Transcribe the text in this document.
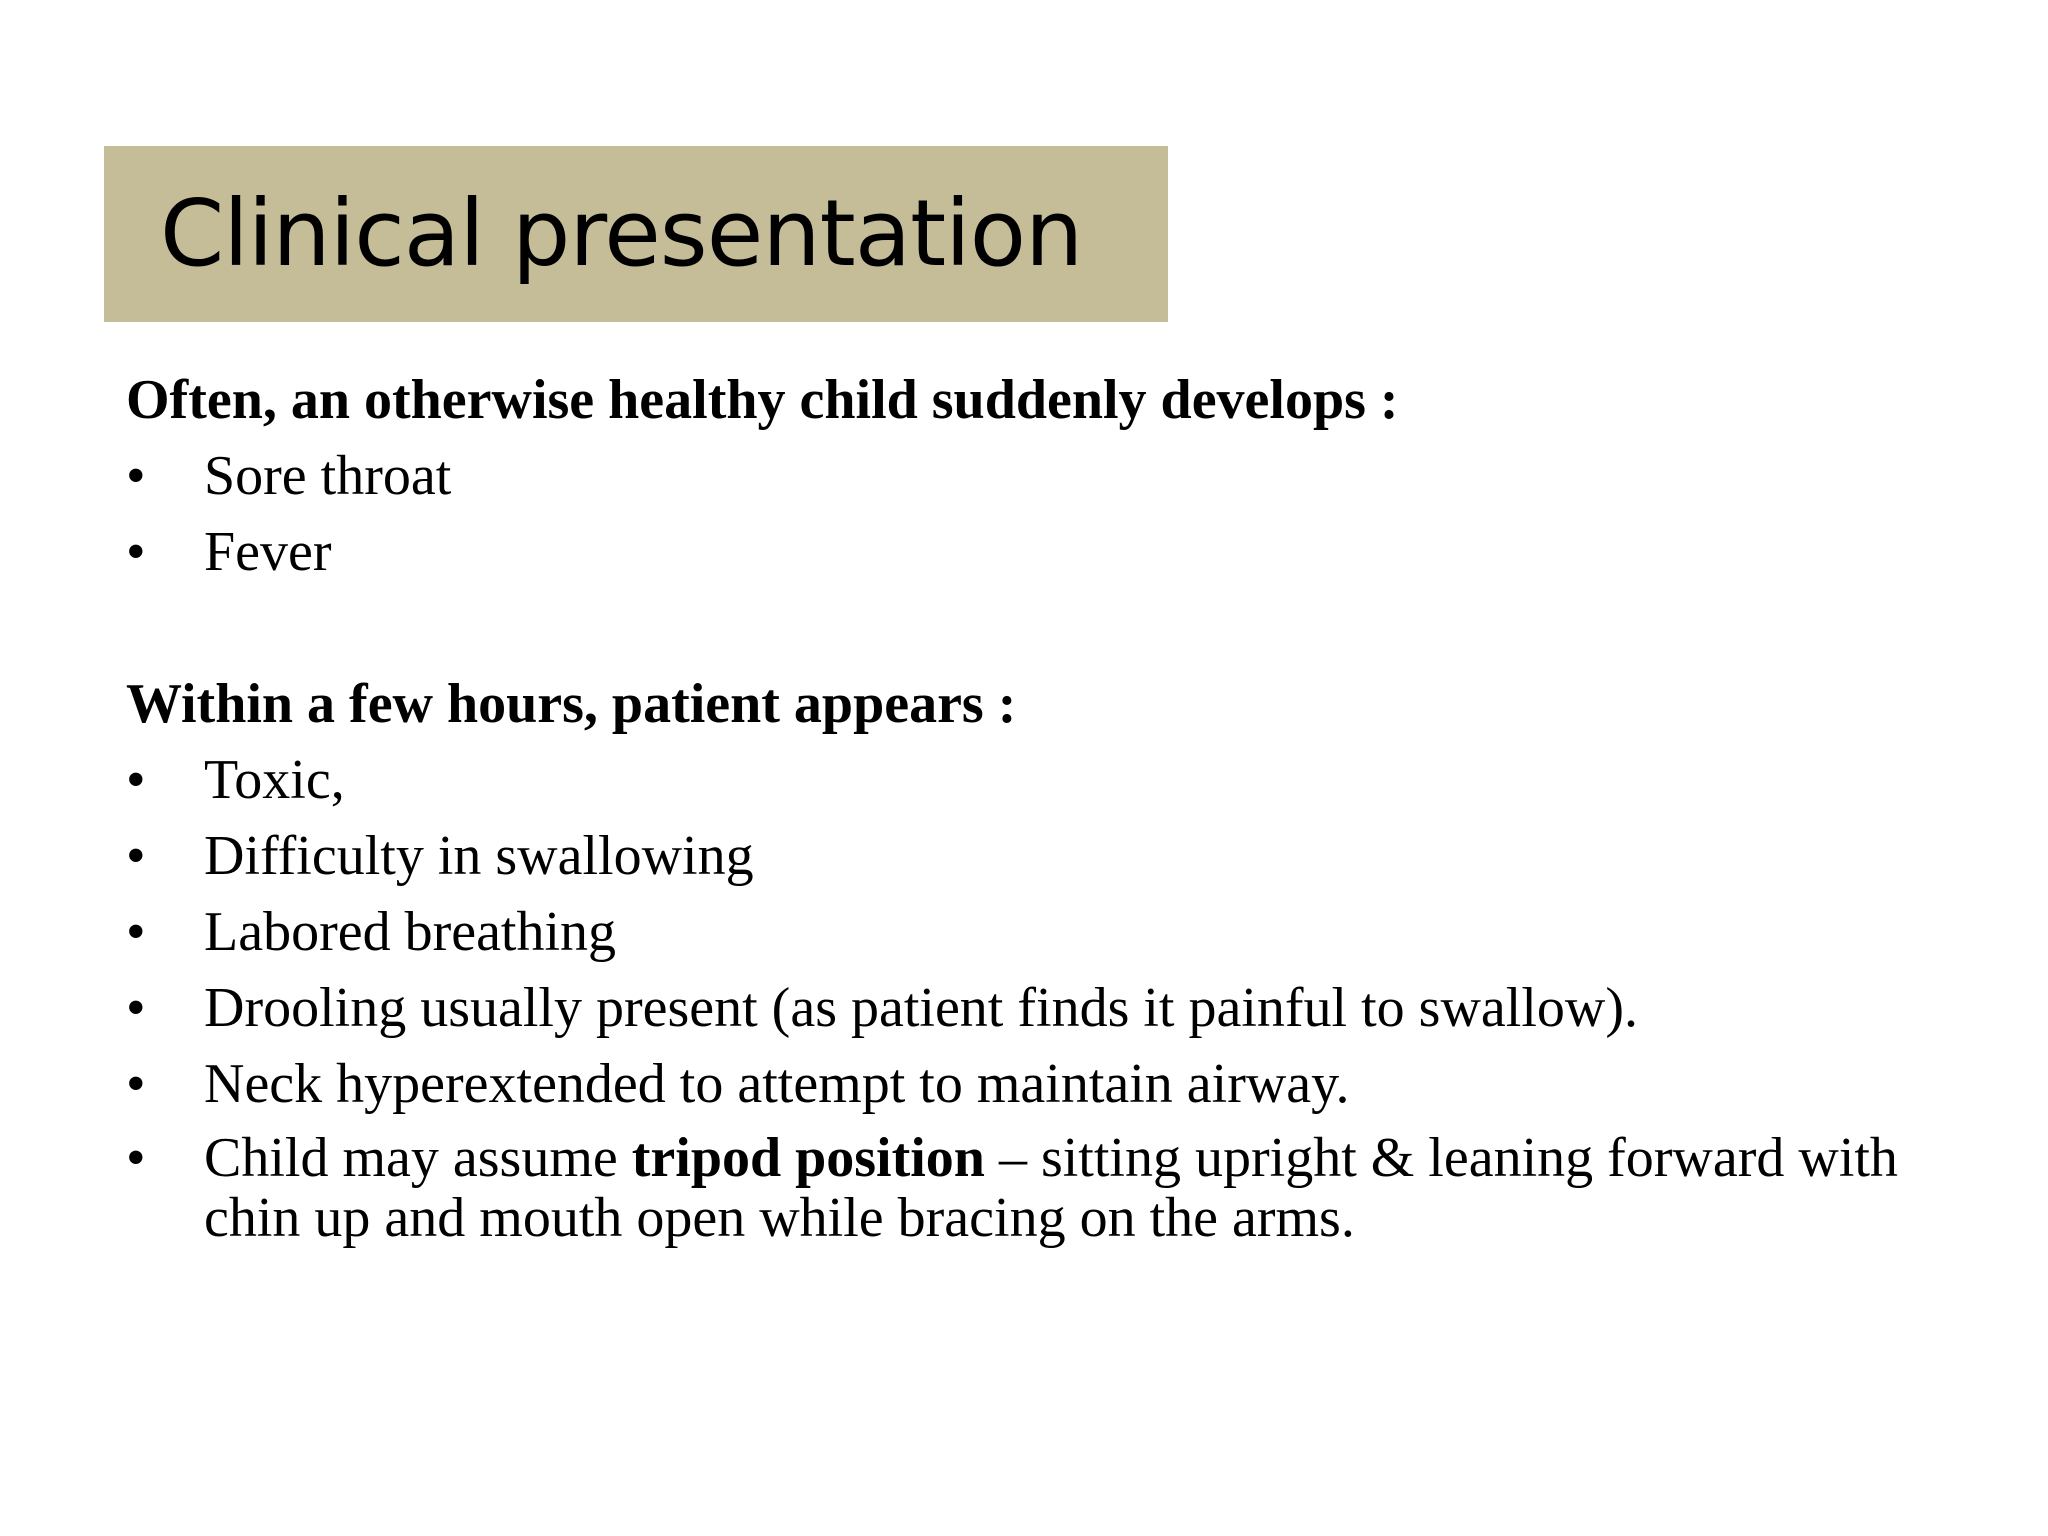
Clinical presentation
Often, an otherwise healthy child suddenly develops :
• Sore throat
• Fever
Within a few hours, patient appears :
• Toxic,
• Difficulty in swallowing
• Labored breathing
• Drooling usually present (as patient finds it painful to swallow).
• Neck hyperextended to attempt to maintain airway.
• Child may assume tripod position – sitting upright & leaning forward with chin up and mouth open while bracing on the arms.
